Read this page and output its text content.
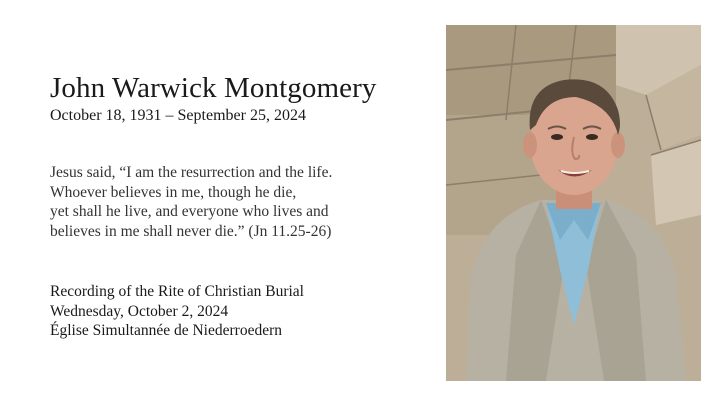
John Warwick Montgomery
October 18, 1931 – September 25, 2024
Jesus said, “I am the resurrection and the life.
Whoever believes in me, though he die,
yet shall he live, and everyone who lives and
believes in me shall never die.” (Jn 11.25-26)
Recording of the Rite of Christian Burial
Wednesday, October 2, 2024
Église Simultannée de Niederroedern
